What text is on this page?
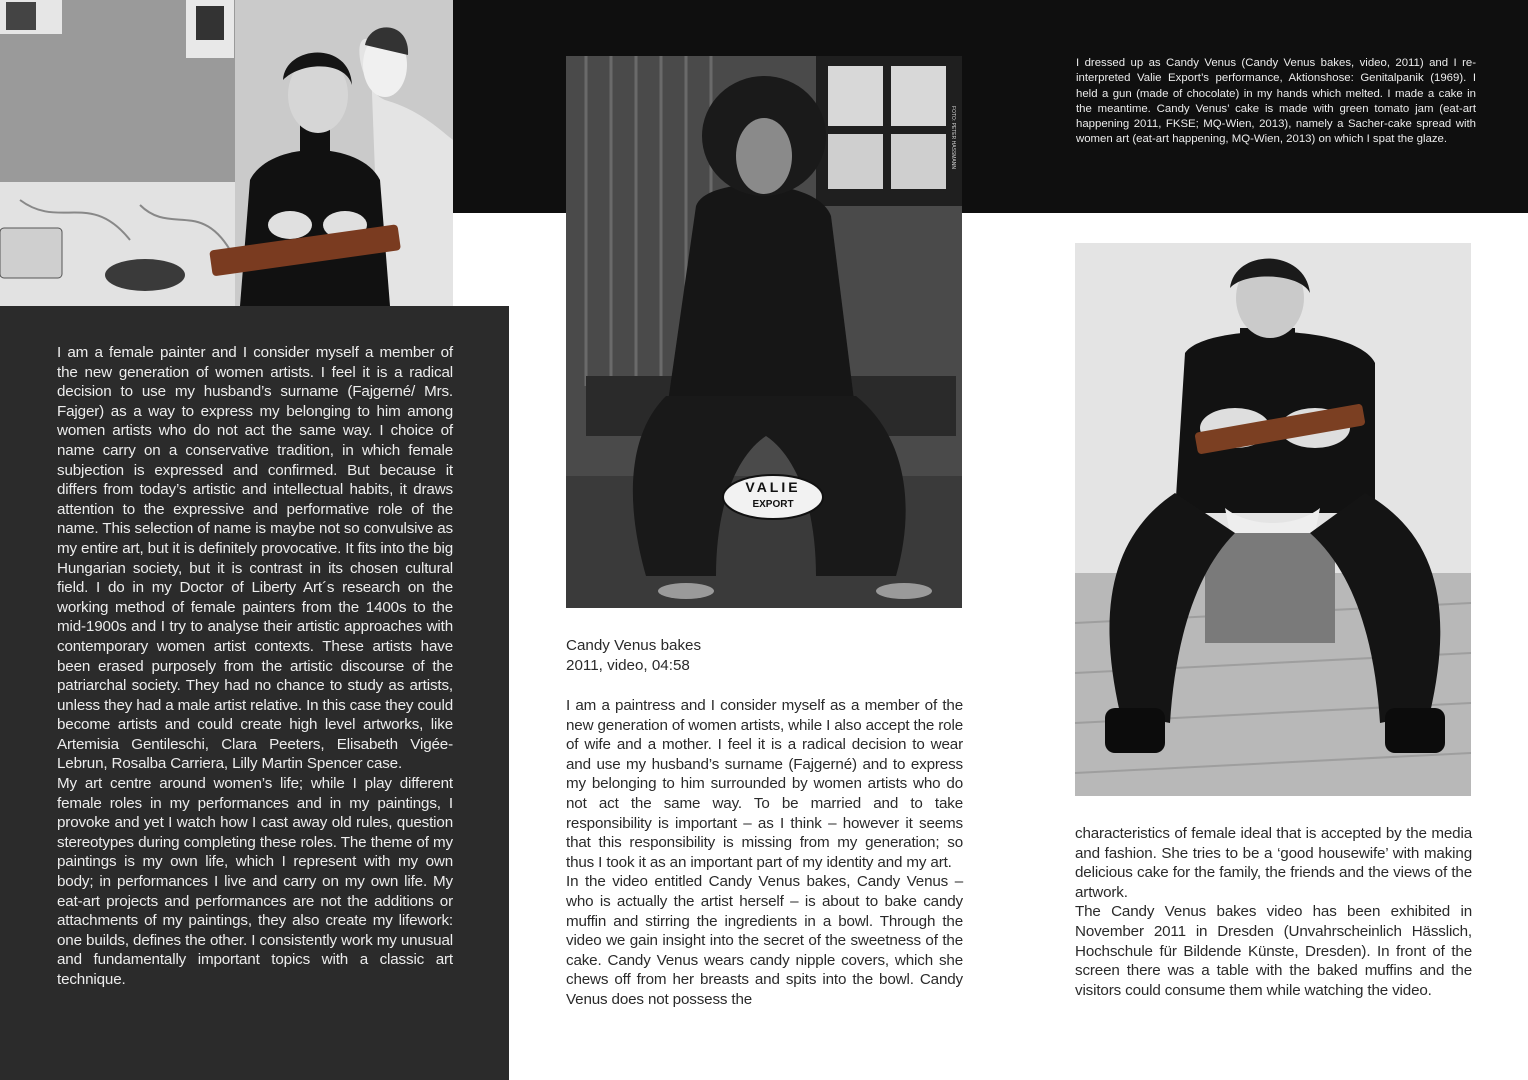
FOTO: PETER HASSMANN
VALIE
EXPORT
I dressed up as Candy Venus (Candy Venus bakes, video, 2011) and I re-interpreted Valie Export’s performance, Aktionshose: Genitalpanik (1969). I held a gun (made of chocolate) in my hands which melted. I made a cake in the meantime. Candy Venus’ cake is made with green tomato jam (eat-art happening 2011, FKSE; MQ-Wien, 2013), namely a Sacher-cake spread with women art (eat-art happening, MQ-Wien, 2013) on which I spat the glaze.

I am a female painter and I consider myself a member of the new generation of women artists. I feel it is a radical decision to use my husband’s surname (Fajgerné/ Mrs. Fajger) as a way to express my belonging to him among women artists who do not act the same way. I choice of name carry on a conservative tradition, in which female subjection is expressed and confirmed. But because it differs from today’s artistic and intellectual habits, it draws attention to the expressive and performative role of the name. This selection of name is maybe not so convulsive as my entire art, but it is definitely provocative. It fits into the big Hungarian society, but it is contrast in its chosen cultural field. I do in my Doctor of Liberty Art´s research on the working method of female painters from the 1400s to the mid-1900s and I try to analyse their artistic approaches with contemporary women artist contexts. These artists have been erased purposely from the artistic discourse of the patriarchal society. They had no chance to study as artists, unless they had a male artist relative. In this case they could become artists and could create high level artworks, like Artemisia Gentileschi, Clara Peeters, Elisabeth Vigée-Lebrun, Rosalba Carriera, Lilly Martin Spencer case.

My art centre around women’s life; while I play different female roles in my performances and in my paintings, I provoke and yet I watch how I cast away old rules, question stereotypes during completing these roles. The theme of my paintings is my own life, which I represent with my own body; in performances I live and carry on my own life. My eat-art projects and performances are not the additions or attachments of my paintings, they also create my lifework: one builds, defines the other. I consistently work my unusual and fundamentally important topics with a classic art technique.

Candy Venus bakes
2011, video, 04:58

I am a paintress and I consider myself as a member of the new generation of women artists, while I also accept the role of wife and a mother. I feel it is a radical decision to wear and use my husband’s surname (Fajgerné) and to express my belonging to him surrounded by women artists who do not act the same way. To be married and to take responsibility is important – as I think – however it seems that this responsibility is missing from my generation; so thus I took it as an important part of my identity and my art.

In the video entitled Candy Venus bakes, Candy Venus – who is actually the artist herself – is about to bake candy muffin and stirring the ingredients in a bowl. Through the video we gain insight into the secret of the sweetness of the cake. Candy Venus wears candy nipple covers, which she chews off from her breasts and spits into the bowl. Candy Venus does not possess the

characteristics of female ideal that is accepted by the media and fashion. She tries to be a ‘good housewife’ with making delicious cake for the family, the friends and the views of the artwork.

The Candy Venus bakes video has been exhibited in November 2011 in Dresden (Unvahrscheinlich Hässlich, Hochschule für Bildende Künste, Dresden). In front of the screen there was a table with the baked muffins and the visitors could consume them while watching the video.
